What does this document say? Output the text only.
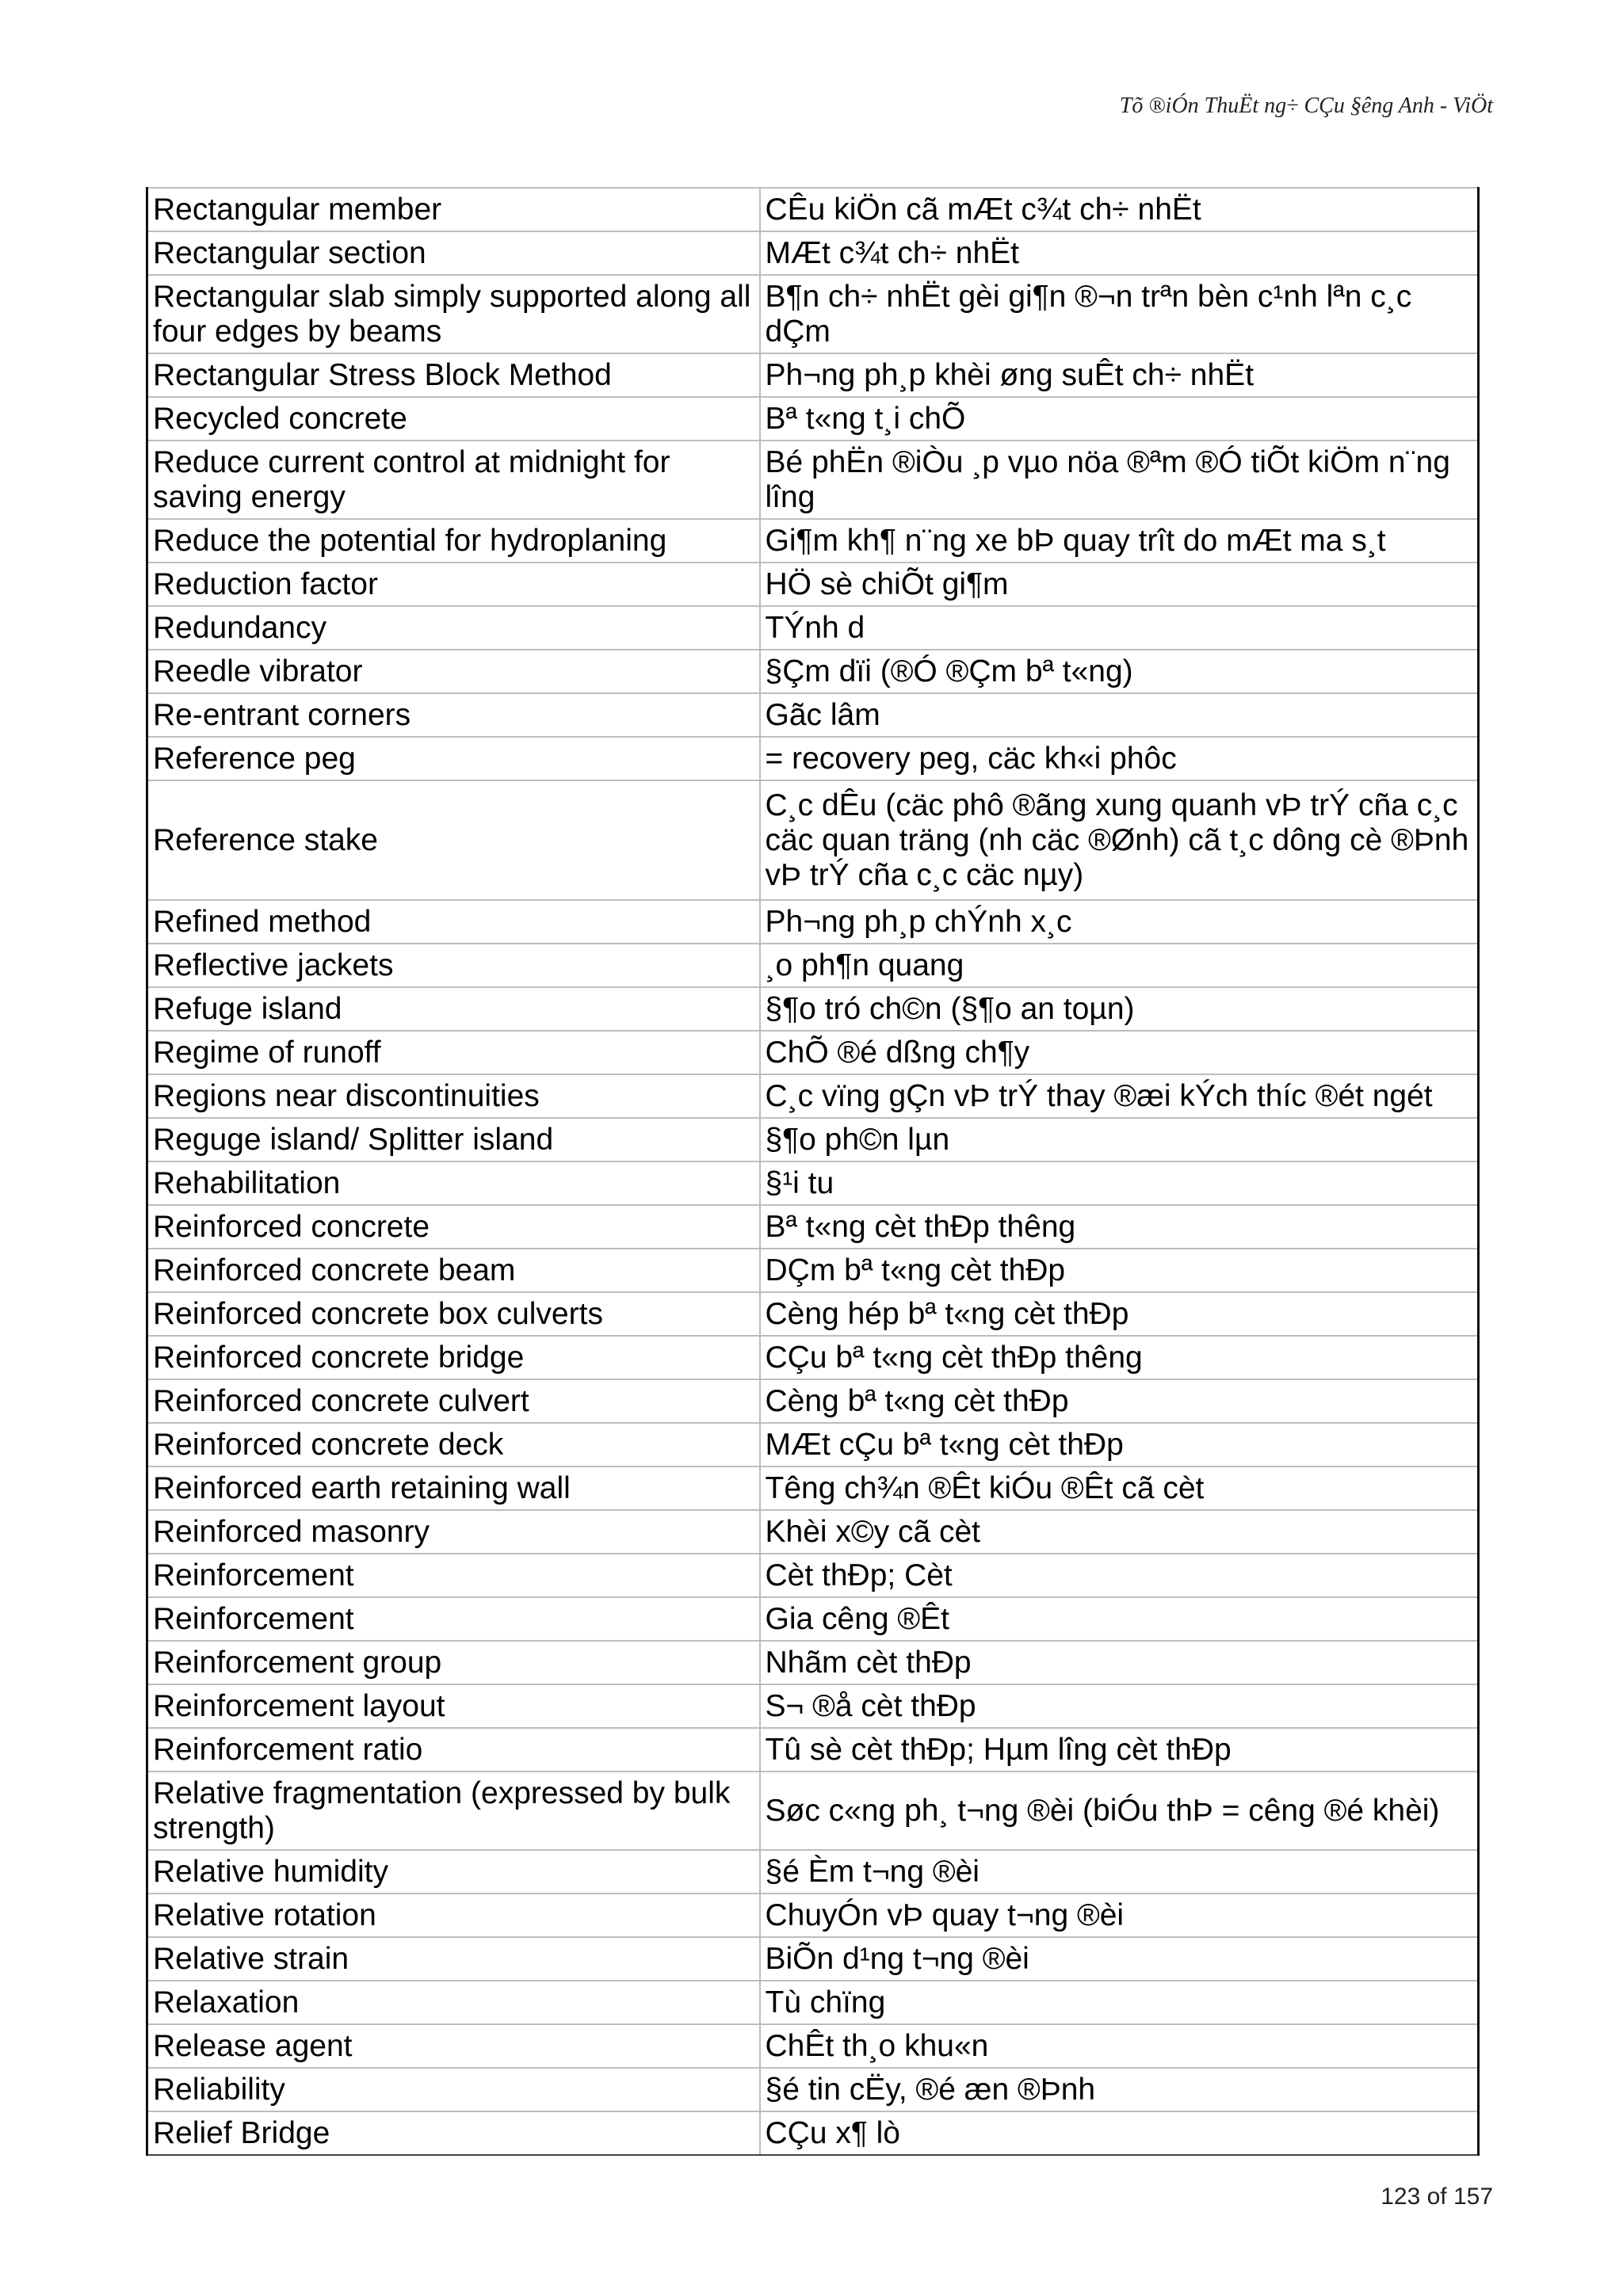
Tõ ®iÓn ThuËt ng÷ CÇu §êng Anh - ViÖt
Rectangular member	CÊu kiÖn cã mÆt c¾t ch÷ nhËt
Rectangular section	MÆt c¾t ch÷ nhËt
Rectangular slab simply supported along all four edges by beams	B¶n ch÷ nhËt gèi gi¶n ®¬n trªn bèn c¹nh lªn c¸c dÇm
Rectangular Stress Block Method	Ph¬ng ph¸p khèi øng suÊt ch÷ nhËt
Recycled concrete	Bª t«ng t¸i chÕ
Reduce current control at midnight for saving energy	Bé phËn ®iÒu ¸p vµo nöa ®ªm ®Ó tiÕt kiÖm n¨ng lîng
Reduce the potential for hydroplaning	Gi¶m kh¶ n¨ng xe bÞ quay trît do mÆt ma s¸t
Reduction factor	HÖ sè chiÕt gi¶m
Redundancy	TÝnh d
Reedle vibrator	§Çm dïi (®Ó ®Çm bª t«ng)
Re-entrant corners	Gãc lâm
Reference peg	= recovery peg, cäc kh«i phôc
Reference stake	C¸c dÊu (cäc phô ®ãng xung quanh vÞ trÝ cña c¸c cäc quan träng (nh cäc ®Ønh) cã t¸c dông cè ®Þnh vÞ trÝ cña c¸c cäc nµy)
Refined method	Ph¬ng ph¸p chÝnh x¸c
Reflective jackets	¸o ph¶n quang
Refuge island	§¶o tró ch©n (§¶o an toµn)
Regime of runoff	ChÕ ®é dßng ch¶y
Regions near discontinuities	C¸c vïng gÇn vÞ trÝ thay ®æi kÝch thíc ®ét ngét
Reguge island/ Splitter island	§¶o ph©n lµn
Rehabilitation	§¹i tu
Reinforced concrete	Bª t«ng cèt thÐp thêng
Reinforced concrete beam	DÇm bª t«ng cèt thÐp
Reinforced concrete box culverts	Cèng hép bª t«ng cèt thÐp
Reinforced concrete bridge	CÇu bª t«ng cèt thÐp thêng
Reinforced concrete culvert	Cèng bª t«ng cèt thÐp
Reinforced concrete deck	MÆt cÇu bª t«ng cèt thÐp
Reinforced earth retaining wall	Têng ch¾n ®Êt kiÓu ®Êt cã cèt
Reinforced masonry	Khèi x©y cã cèt
Reinforcement	Cèt thÐp; Cèt
Reinforcement	Gia cêng ®Êt
Reinforcement group	Nhãm cèt thÐp
Reinforcement layout	S¬ ®å cèt thÐp
Reinforcement ratio	Tû sè cèt thÐp; Hµm lîng cèt thÐp
Relative fragmentation (expressed by bulk strength)	Søc c«ng ph¸ t¬ng ®èi (biÓu thÞ = cêng ®é khèi)
Relative humidity	§é Èm t¬ng ®èi
Relative rotation	ChuyÓn vÞ quay t¬ng ®èi
Relative strain	BiÕn d¹ng t¬ng ®èi
Relaxation	Tù chïng
Release agent	ChÊt th¸o khu«n
Reliability	§é tin cËy, ®é æn ®Þnh
Relief Bridge	CÇu x¶ lò
123 of 157
